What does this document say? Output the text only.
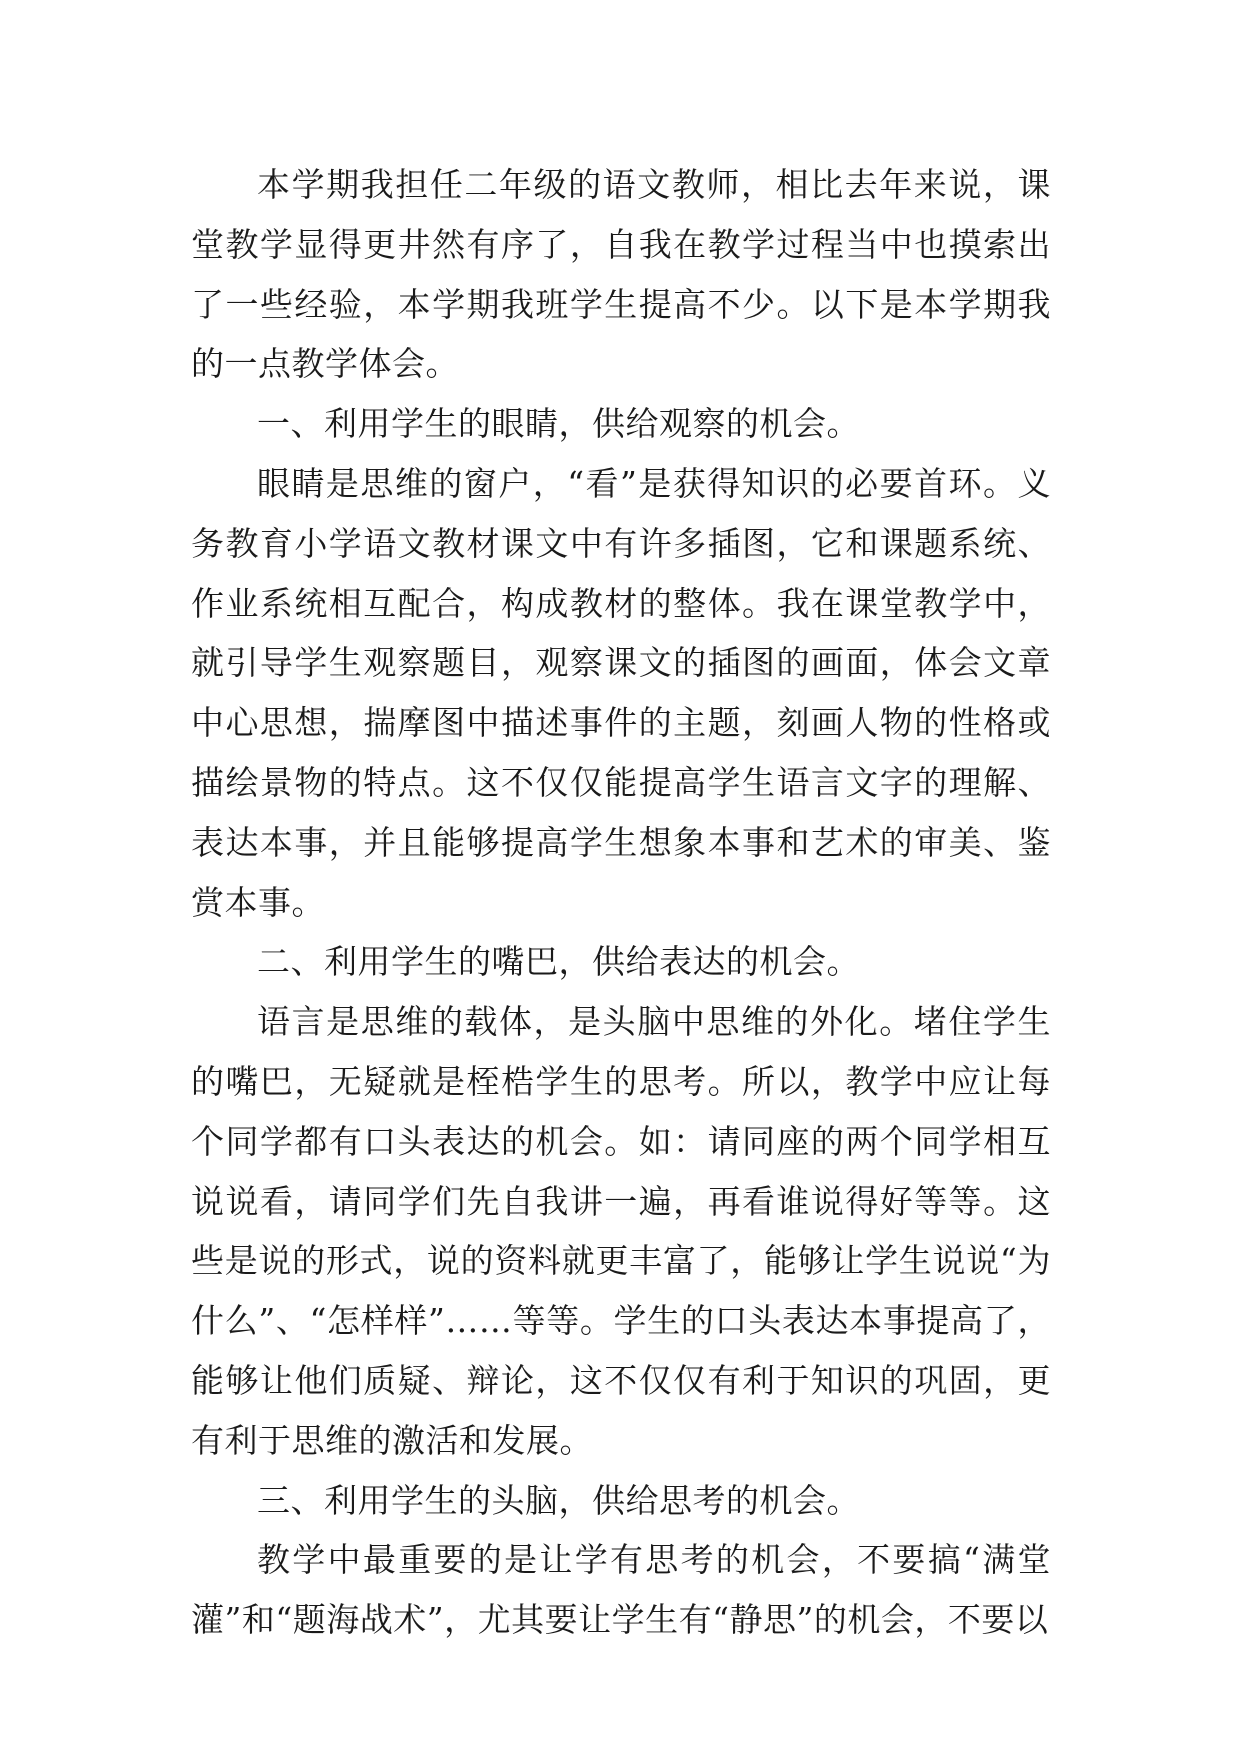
本学期我担任二年级的语文教师，相比去年来说，课堂教学显得更井然有序了，自我在教学过程当中也摸索出了一些经验，本学期我班学生提高不少。以下是本学期我的一点教学体会。

一、利用学生的眼睛，供给观察的机会。

眼睛是思维的窗户，“看”是获得知识的必要首环。义务教育小学语文教材课文中有许多插图，它和课题系统、作业系统相互配合，构成教材的整体。我在课堂教学中，就引导学生观察题目，观察课文的插图的画面，体会文章中心思想，揣摩图中描述事件的主题，刻画人物的性格或描绘景物的特点。这不仅仅能提高学生语言文字的理解、表达本事，并且能够提高学生想象本事和艺术的审美、鉴赏本事。

二、利用学生的嘴巴，供给表达的机会。

语言是思维的载体，是头脑中思维的外化。堵住学生的嘴巴，无疑就是桎梏学生的思考。所以，教学中应让每个同学都有口头表达的机会。如：请同座的两个同学相互说说看，请同学们先自我讲一遍，再看谁说得好等等。这些是说的形式，说的资料就更丰富了，能够让学生说说“为什么”、“怎样样”……等等。学生的口头表达本事提高了，能够让他们质疑、辩论，这不仅仅有利于知识的巩固，更有利于思维的激活和发展。

三、利用学生的头脑，供给思考的机会。

教学中最重要的是让学有思考的机会，不要搞“满堂灌”和“题海战术”，尤其要让学生有“静思”的机会，不要以
